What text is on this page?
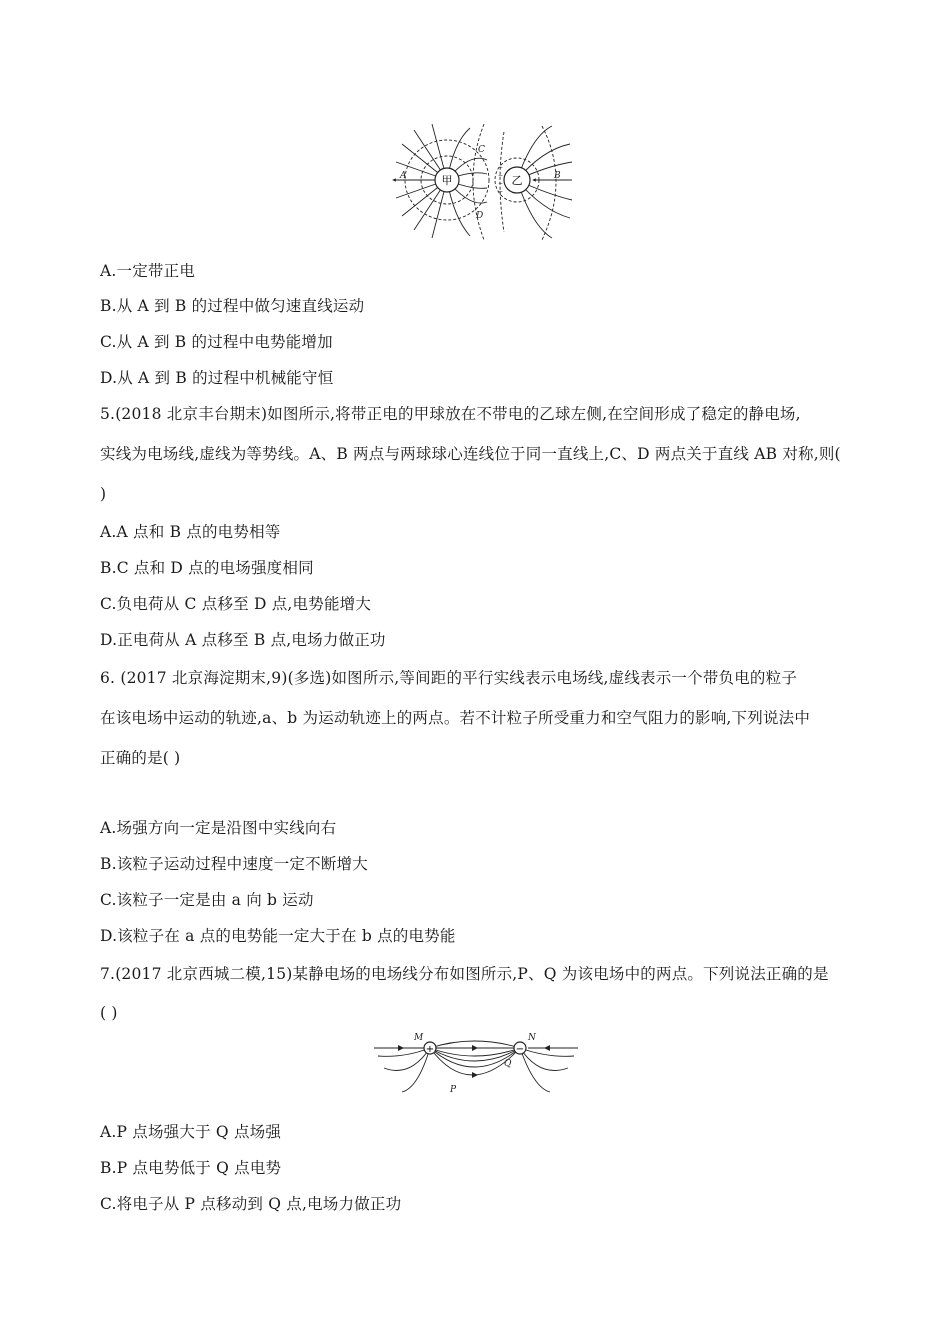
−
−
−
−
甲	乙
A	B
C
D
A.一定带正电
B.从 A 到 B 的过程中做匀速直线运动
C.从 A 到 B 的过程中电势能增加
D.从 A 到 B 的过程中机械能守恒
5.(2018 北京丰台期末)如图所示,将带正电的甲球放在不带电的乙球左侧,在空间形成了稳定的静电场,
实线为电场线,虚线为等势线。A、B 两点与两球球心连线位于同一直线上,C、D 两点关于直线 AB 对称,则(
)
A.A 点和 B 点的电势相等
B.C 点和 D 点的电场强度相同
C.负电荷从 C 点移至 D 点,电势能增大
D.正电荷从 A 点移至 B 点,电场力做正功
6. (2017 北京海淀期末,9)(多选)如图所示,等间距的平行实线表示电场线,虚线表示一个带负电的粒子
在该电场中运动的轨迹,a、b 为运动轨迹上的两点。若不计粒子所受重力和空气阻力的影响,下列说法中
正确的是( )
A.场强方向一定是沿图中实线向右
B.该粒子运动过程中速度一定不断增大
C.该粒子一定是由 a 向 b 运动
D.该粒子在 a 点的电势能一定大于在 b 点的电势能
7.(2017 北京西城二模,15)某静电场的电场线分布如图所示,P、Q 为该电场中的两点。下列说法正确的是
( )
+	−
M	N
Q
P
A.P 点场强大于 Q 点场强
B.P 点电势低于 Q 点电势
C.将电子从 P 点移动到 Q 点,电场力做正功
